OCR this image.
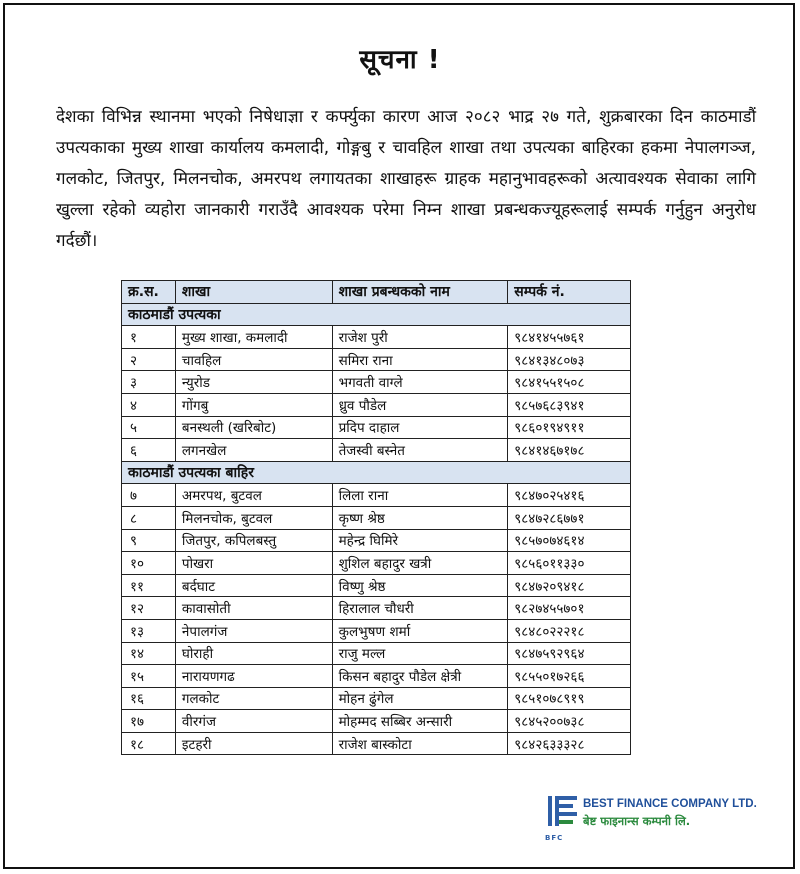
सूचना !
देशका विभिन्न स्थानमा भएको निषेधाज्ञा र कर्फ्युका कारण आज २०८२ भाद्र २७ गते, शुक्रबारका दिन काठमाडौं उपत्यकाका मुख्य शाखा कार्यालय कमलादी, गोङ्गबु र चावहिल शाखा तथा उपत्यका बाहिरका हकमा नेपालगञ्ज, गलकोट, जितपुर, मिलनचोक, अमरपथ लगायतका शाखाहरू ग्राहक महानुभावहरूको अत्यावश्यक सेवाका लागि खुल्ला रहेको व्यहोरा जानकारी गराउँदै आवश्यक परेमा निम्न शाखा प्रबन्धकज्यूहरूलाई सम्पर्क गर्नुहुन अनुरोध गर्दछौं।
क्र.स.	शाखा	शाखा प्रबन्धकको नाम	सम्पर्क नं.
काठमाडौं उपत्यका			
१	मुख्य शाखा, कमलादी	राजेश पुरी	९८४१४५५७६१
२	चावहिल	समिरा राना	९८४१३४८०७३
३	न्युरोड	भगवती वाग्ले	९८४१५५१५०८
४	गोंगबु	ध्रुव पौडेल	९८५७६८३९४१
५	बनस्थली (खरिबोट)	प्रदिप दाहाल	९८६०१९४९११
६	लगनखेल	तेजस्वी बस्नेत	९८४१४६७१७८
काठमाडौं उपत्यका बाहिर			
७	अमरपथ, बुटवल	लिला राना	९८४७०२५४१६
८	मिलनचोक, बुटवल	कृष्ण श्रेष्ठ	९८४७२८६७७१
९	जितपुर, कपिलबस्तु	महेन्द्र घिमिरे	९८५७०७४६१४
१०	पोखरा	शुशिल बहादुर खत्री	९८५६०११३३०
११	बर्दघाट	विष्णु श्रेष्ठ	९८४७२०९४१८
१२	कावासोती	हिरालाल चौधरी	९८२७४५५७०१
१३	नेपालगंज	कुलभुषण शर्मा	९८४८०२२२१८
१४	घोराही	राजु मल्ल	९८४७५९२९६४
१५	नारायणगढ	किसन बहादुर पौडेल क्षेत्री	९८५५०१७२६६
१६	गलकोट	मोहन ढुंगेल	९८५१०७८९१९
१७	वीरगंज	मोहम्मद सब्बिर अन्सारी	९८४५२००७३८
१८	इटहरी	राजेश बास्कोटा	९८४२६३३३२८
BFC
BEST FINANCE COMPANY LTD.
बेष्ट फाइनान्स कम्पनी लि.
